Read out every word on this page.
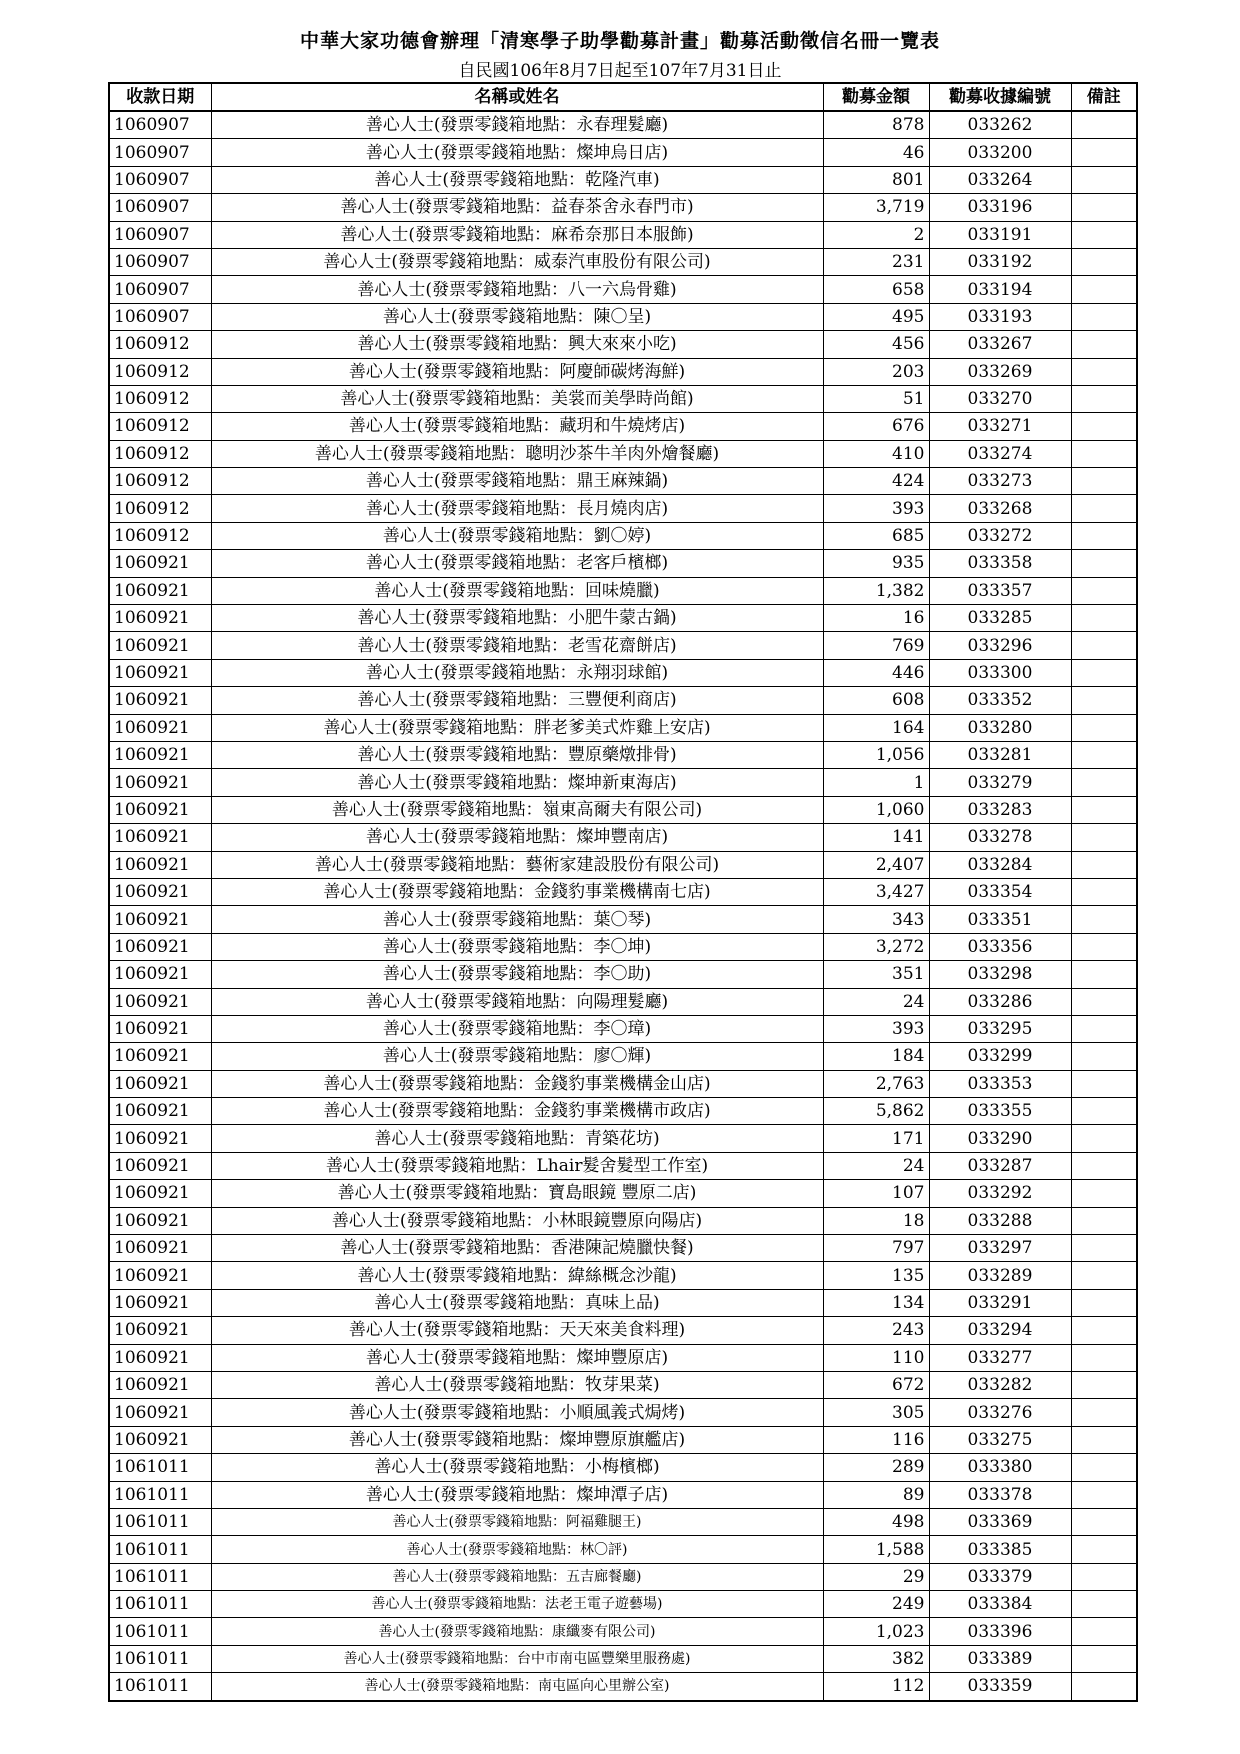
中華大家功德會辦理「清寒學子助學勸募計畫」勸募活動徵信名冊一覽表
自民國106年8月7日起至107年7月31日止
收款日期	名稱或姓名	勸募金額	勸募收據編號	備註
1060907	善心人士(發票零錢箱地點：永春理髮廳)	878	033262	
1060907	善心人士(發票零錢箱地點：燦坤烏日店)	46	033200	
1060907	善心人士(發票零錢箱地點：乾隆汽車)	801	033264	
1060907	善心人士(發票零錢箱地點：益春茶舍永春門市)	3,719	033196	
1060907	善心人士(發票零錢箱地點：麻希奈那日本服飾)	2	033191	
1060907	善心人士(發票零錢箱地點：威泰汽車股份有限公司)	231	033192	
1060907	善心人士(發票零錢箱地點：八一六烏骨雞)	658	033194	
1060907	善心人士(發票零錢箱地點：陳〇呈)	495	033193	
1060912	善心人士(發票零錢箱地點：興大來來小吃)	456	033267	
1060912	善心人士(發票零錢箱地點：阿慶師碳烤海鮮)	203	033269	
1060912	善心人士(發票零錢箱地點：美裳而美學時尚館)	51	033270	
1060912	善心人士(發票零錢箱地點：藏玥和牛燒烤店)	676	033271	
1060912	善心人士(發票零錢箱地點：聰明沙茶牛羊肉外燴餐廳)	410	033274	
1060912	善心人士(發票零錢箱地點：鼎王麻辣鍋)	424	033273	
1060912	善心人士(發票零錢箱地點：長月燒肉店)	393	033268	
1060912	善心人士(發票零錢箱地點：劉〇婷)	685	033272	
1060921	善心人士(發票零錢箱地點：老客戶檳榔)	935	033358	
1060921	善心人士(發票零錢箱地點：回味燒臘)	1,382	033357	
1060921	善心人士(發票零錢箱地點：小肥牛蒙古鍋)	16	033285	
1060921	善心人士(發票零錢箱地點：老雪花齋餅店)	769	033296	
1060921	善心人士(發票零錢箱地點：永翔羽球館)	446	033300	
1060921	善心人士(發票零錢箱地點：三豐便利商店)	608	033352	
1060921	善心人士(發票零錢箱地點：胖老爹美式炸雞上安店)	164	033280	
1060921	善心人士(發票零錢箱地點：豐原藥燉排骨)	1,056	033281	
1060921	善心人士(發票零錢箱地點：燦坤新東海店)	1	033279	
1060921	善心人士(發票零錢箱地點：嶺東高爾夫有限公司)	1,060	033283	
1060921	善心人士(發票零錢箱地點：燦坤豐南店)	141	033278	
1060921	善心人士(發票零錢箱地點：藝術家建設股份有限公司)	2,407	033284	
1060921	善心人士(發票零錢箱地點：金錢豹事業機構南七店)	3,427	033354	
1060921	善心人士(發票零錢箱地點：葉〇琴)	343	033351	
1060921	善心人士(發票零錢箱地點：李〇坤)	3,272	033356	
1060921	善心人士(發票零錢箱地點：李〇助)	351	033298	
1060921	善心人士(發票零錢箱地點：向陽理髮廳)	24	033286	
1060921	善心人士(發票零錢箱地點：李〇璋)	393	033295	
1060921	善心人士(發票零錢箱地點：廖〇輝)	184	033299	
1060921	善心人士(發票零錢箱地點：金錢豹事業機構金山店)	2,763	033353	
1060921	善心人士(發票零錢箱地點：金錢豹事業機構市政店)	5,862	033355	
1060921	善心人士(發票零錢箱地點：青築花坊)	171	033290	
1060921	善心人士(發票零錢箱地點：Lhair髮舍髮型工作室)	24	033287	
1060921	善心人士(發票零錢箱地點：寶島眼鏡 豐原二店)	107	033292	
1060921	善心人士(發票零錢箱地點：小林眼鏡豐原向陽店)	18	033288	
1060921	善心人士(發票零錢箱地點：香港陳記燒臘快餐)	797	033297	
1060921	善心人士(發票零錢箱地點：緯絲概念沙龍)	135	033289	
1060921	善心人士(發票零錢箱地點：真味上品)	134	033291	
1060921	善心人士(發票零錢箱地點：天天來美食料理)	243	033294	
1060921	善心人士(發票零錢箱地點：燦坤豐原店)	110	033277	
1060921	善心人士(發票零錢箱地點：牧芽果菜)	672	033282	
1060921	善心人士(發票零錢箱地點：小順風義式焗烤)	305	033276	
1060921	善心人士(發票零錢箱地點：燦坤豐原旗艦店)	116	033275	
1061011	善心人士(發票零錢箱地點：小梅檳榔)	289	033380	
1061011	善心人士(發票零錢箱地點：燦坤潭子店)	89	033378	
1061011	善心人士(發票零錢箱地點：阿福雞腿王)	498	033369	
1061011	善心人士(發票零錢箱地點：林〇評)	1,588	033385	
1061011	善心人士(發票零錢箱地點：五吉廊餐廳)	29	033379	
1061011	善心人士(發票零錢箱地點：法老王電子遊藝場)	249	033384	
1061011	善心人士(發票零錢箱地點：康纖麥有限公司)	1,023	033396	
1061011	善心人士(發票零錢箱地點：台中市南屯區豐樂里服務處)	382	033389	
1061011	善心人士(發票零錢箱地點：南屯區向心里辦公室)	112	033359	
